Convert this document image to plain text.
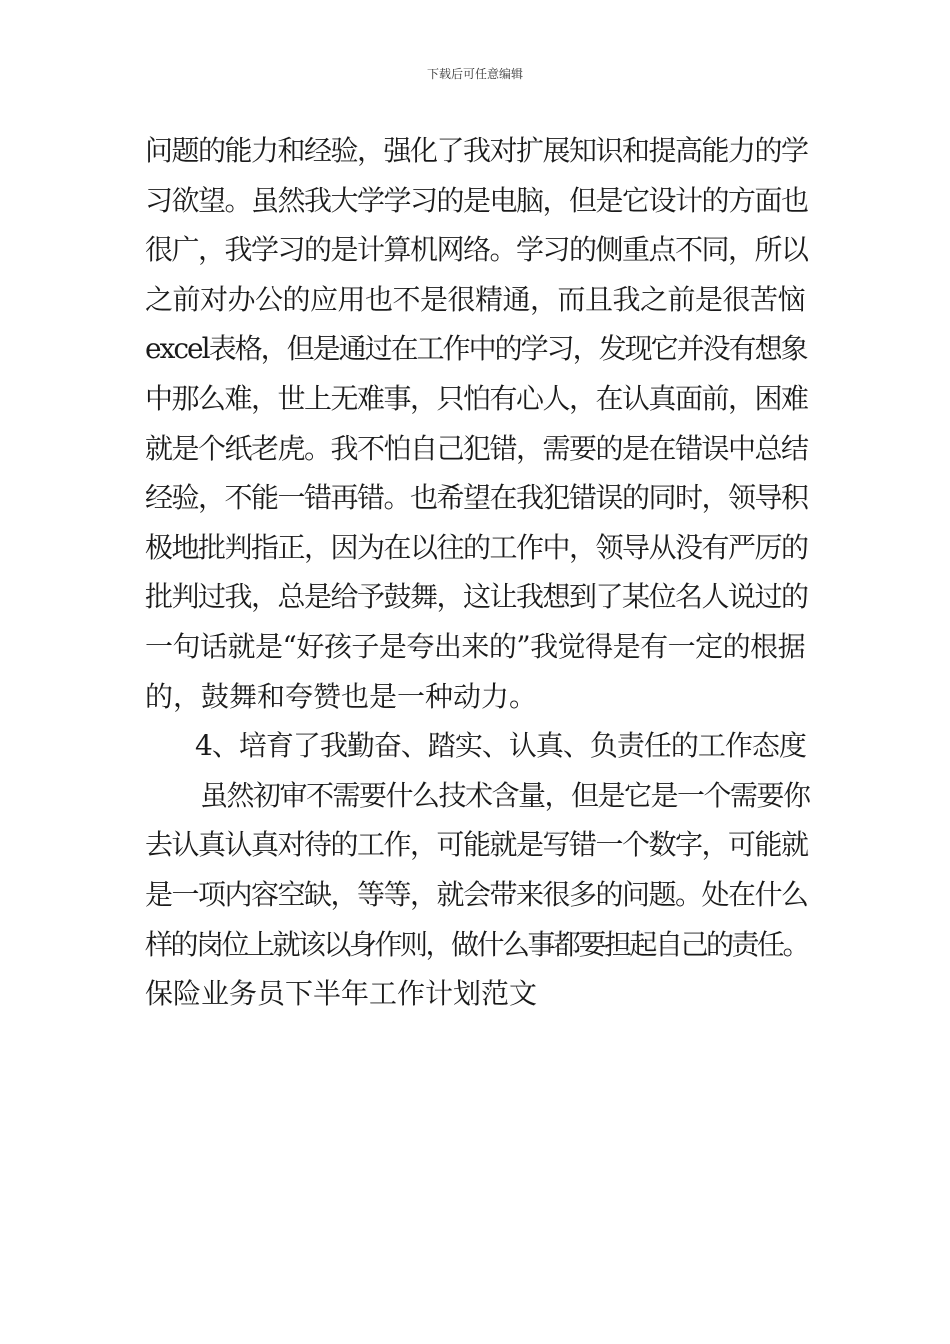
下载后可任意编辑
问题的能力和经验，强化了我对扩展知识和提高能力的学
习欲望。虽然我大学学习的是电脑，但是它设计的方面也
很广，我学习的是计算机网络。学习的侧重点不同，所以
之前对办公的应用也不是很精通，而且我之前是很苦恼
excel表格，但是通过在工作中的学习，发现它并没有想象
中那么难，世上无难事，只怕有心人，在认真面前，困难
就是个纸老虎。我不怕自己犯错，需要的是在错误中总结
经验，不能一错再错。也希望在我犯错误的同时，领导积
极地批判指正，因为在以往的工作中，领导从没有严厉的
批判过我，总是给予鼓舞，这让我想到了某位名人说过的
一句话就是“好孩子是夸出来的”我觉得是有一定的根据
的，鼓舞和夸赞也是一种动力。
4、培育了我勤奋、踏实、认真、负责任的工作态度
虽然初审不需要什么技术含量，但是它是一个需要你
去认真认真对待的工作，可能就是写错一个数字，可能就
是一项内容空缺，等等，就会带来很多的问题。处在什么
样的岗位上就该以身作则，做什么事都要担起自己的责任。
保险业务员下半年工作计划范文
